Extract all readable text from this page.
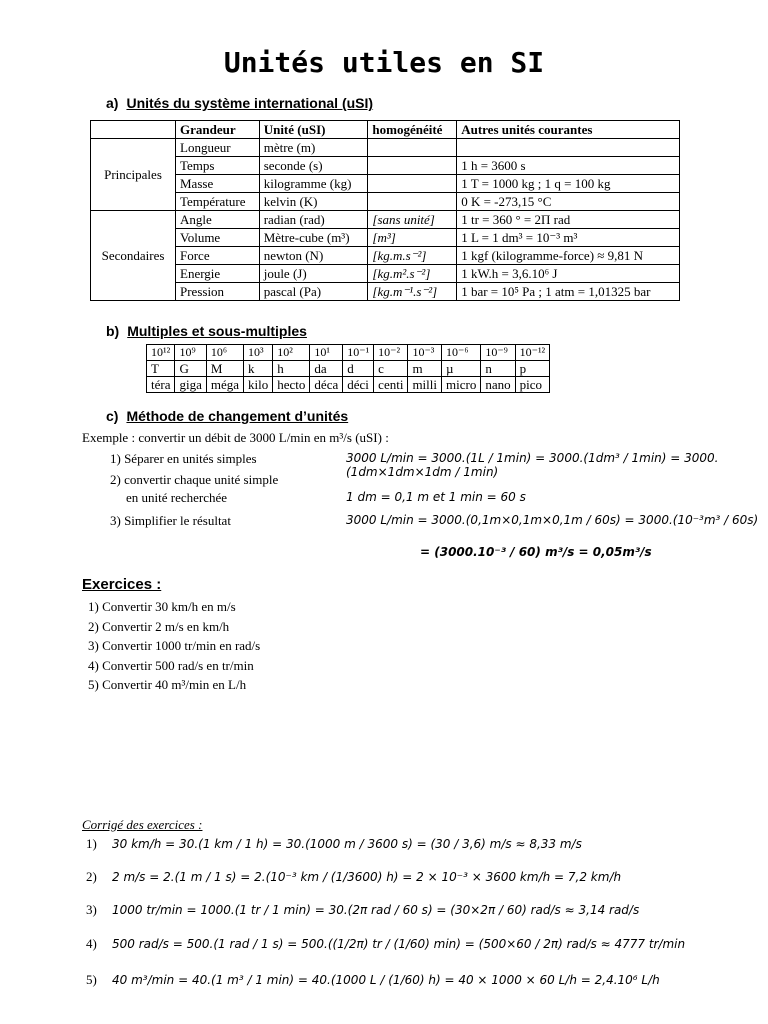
Unités utiles en SI
a) Unités du système international (uSI)
	Grandeur	Unité (uSI)	homogénéité	Autres unités courantes
Principales	Longueur	mètre (m)		
	Temps	seconde (s)		1 h = 3600 s
	Masse	kilogramme (kg)		1 T = 1000 kg ; 1 q = 100 kg
	Température	kelvin (K)		0 K = -273,15 °C
Secondaires	Angle	radian (rad)	[sans unité]	1 tr = 360 ° = 2Π rad
	Volume	Mètre-cube (m³)	[m³]	1 L = 1 dm³ = 10⁻³ m³
	Force	newton (N)	[kg.m.s⁻²]	1 kgf (kilogramme-force) ≈ 9,81 N
	Energie	joule (J)	[kg.m².s⁻²]	1 kW.h = 3,6.10⁶ J
	Pression	pascal (Pa)	[kg.m⁻¹.s⁻²]	1 bar = 10⁵ Pa ; 1 atm = 1,01325 bar
b) Multiples et sous-multiples
10¹²	10⁹	10⁶	10³	10²	10¹	10⁻¹	10⁻²	10⁻³	10⁻⁶	10⁻⁹	10⁻¹²
T	G	M	k	h	da	d	c	m	µ	n	p
téra	giga	méga	kilo	hecto	déca	déci	centi	milli	micro	nano	pico
c) Méthode de changement d’unités
Exemple : convertir un débit de 3000 L/min en m³/s (uSI) :
1) Séparer en unités simples	3000 L/min = 3000.(1L / 1min) = 3000.(1dm³ / 1min) = 3000.(1dm×1dm×1dm / 1min)
2) convertir chaque unité simple
en unité recherchée	1 dm = 0,1 m et 1 min = 60 s
3) Simplifier le résultat	3000 L/min = 3000.(0,1m×0,1m×0,1m / 60s) = 3000.(10⁻³m³ / 60s)
= (3000.10⁻³ / 60) m³/s = 0,05m³/s
Exercices :
1) Convertir 30 km/h en m/s
2) Convertir 2 m/s en km/h
3) Convertir 1000 tr/min en rad/s
4) Convertir 500 rad/s en tr/min
5) Convertir 40 m³/min en L/h
Corrigé des exercices :
1) 30 km/h = 30.(1 km / 1 h) = 30.(1000 m / 3600 s) = (30 / 3,6) m/s ≈ 8,33 m/s
2) 2 m/s = 2.(1 m / 1 s) = 2.(10⁻³ km / (1/3600) h) = 2 × 10⁻³ × 3600 km/h = 7,2 km/h
3) 1000 tr/min = 1000.(1 tr / 1 min) = 30.(2π rad / 60 s) = (30×2π / 60) rad/s ≈ 3,14 rad/s
4) 500 rad/s = 500.(1 rad / 1 s) = 500.((1/2π) tr / (1/60) min) = (500×60 / 2π) rad/s ≈ 4777 tr/min
5) 40 m³/min = 40.(1 m³ / 1 min) = 40.(1000 L / (1/60) h) = 40 × 1000 × 60 L/h = 2,4.10⁶ L/h
